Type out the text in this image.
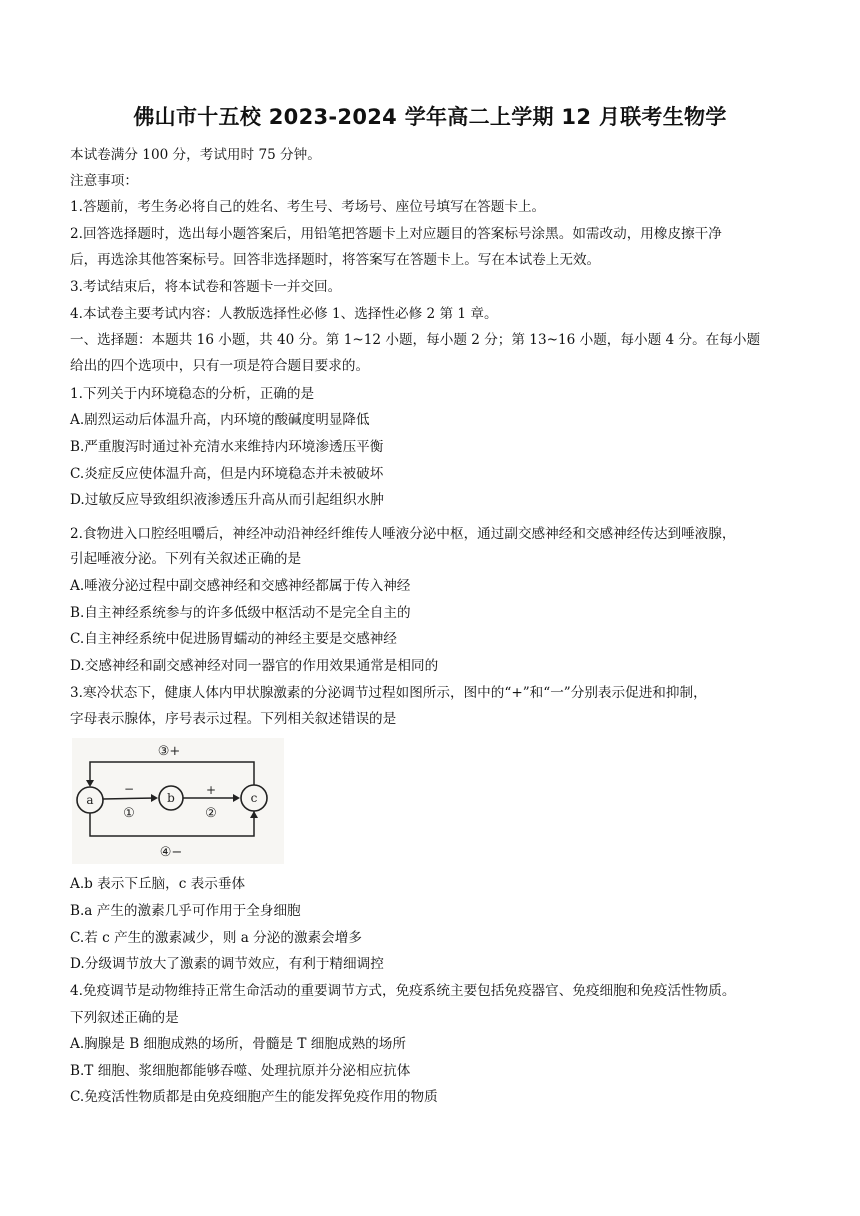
佛山市十五校 2023-2024 学年高二上学期 12 月联考生物学
本试卷满分 100 分，考试用时 75 分钟。
注意事项：
1.答题前，考生务必将自己的姓名、考生号、考场号、座位号填写在答题卡上。
2.回答选择题时，选出每小题答案后，用铅笔把答题卡上对应题目的答案标号涂黑。如需改动，用橡皮擦干净
后，再选涂其他答案标号。回答非选择题时，将答案写在答题卡上。写在本试卷上无效。
3.考试结束后，将本试卷和答题卡一并交回。
4.本试卷主要考试内容：人教版选择性必修 1、选择性必修 2 第 1 章。
一、选择题：本题共 16 小题，共 40 分。第 1~12 小题，每小题 2 分；第 13~16 小题，每小题 4 分。在每小题
给出的四个选项中，只有一项是符合题目要求的。
1.下列关于内环境稳态的分析，正确的是
A.剧烈运动后体温升高，内环境的酸碱度明显降低
B.严重腹泻时通过补充清水来维持内环境渗透压平衡
C.炎症反应使体温升高，但是内环境稳态并未被破坏
D.过敏反应导致组织液渗透压升高从而引起组织水肿
2.食物进入口腔经咀嚼后，神经冲动沿神经纤维传人唾液分泌中枢，通过副交感神经和交感神经传达到唾液腺，
引起唾液分泌。下列有关叙述正确的是
A.唾液分泌过程中副交感神经和交感神经都属于传入神经
B.自主神经系统参与的许多低级中枢活动不是完全自主的
C.自主神经系统中促进肠胃蠕动的神经主要是交感神经
D.交感神经和副交感神经对同一器官的作用效果通常是相同的
3.寒冷状态下，健康人体内甲状腺激素的分泌调节过程如图所示，图中的“+”和“一”分别表示促进和抑制，
字母表示腺体，序号表示过程。下列相关叙述错误的是
a	b	c
−
①
+
②
③+
④−
A.b 表示下丘脑，c 表示垂体
B.a 产生的激素几乎可作用于全身细胞
C.若 c 产生的激素减少，则 a 分泌的激素会增多
D.分级调节放大了激素的调节效应，有利于精细调控
4.免疫调节是动物维持正常生命活动的重要调节方式，免疫系统主要包括免疫器官、免疫细胞和免疫活性物质。
下列叙述正确的是
A.胸腺是 B 细胞成熟的场所，骨髓是 T 细胞成熟的场所
B.T 细胞、浆细胞都能够吞噬、处理抗原并分泌相应抗体
C.免疫活性物质都是由免疫细胞产生的能发挥免疫作用的物质
